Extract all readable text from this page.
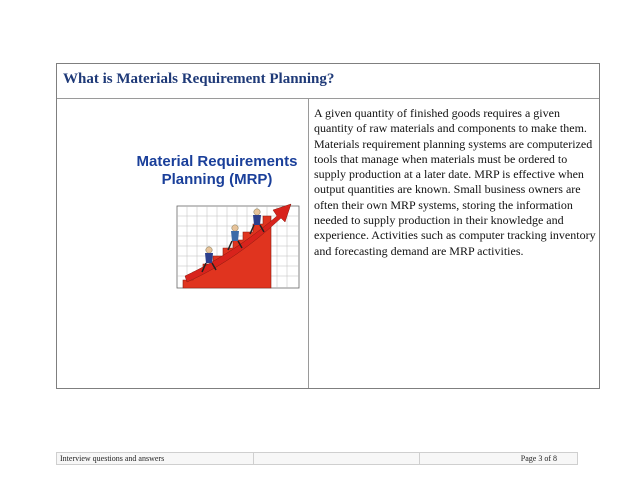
What is Materials Requirement Planning?
Material Requirements
Planning (MRP)
A given quantity of finished goods requires a given quantity of raw materials and components to make them. Materials requirement planning systems are computerized tools that manage when materials must be ordered to supply production at a later date. MRP is effective when output quantities are known. Small business owners are often their own MRP systems, storing the information needed to supply production in their knowledge and experience. Activities such as computer tracking inventory and forecasting demand are MRP activities.
Interview questions and answers	Page 3 of 8
